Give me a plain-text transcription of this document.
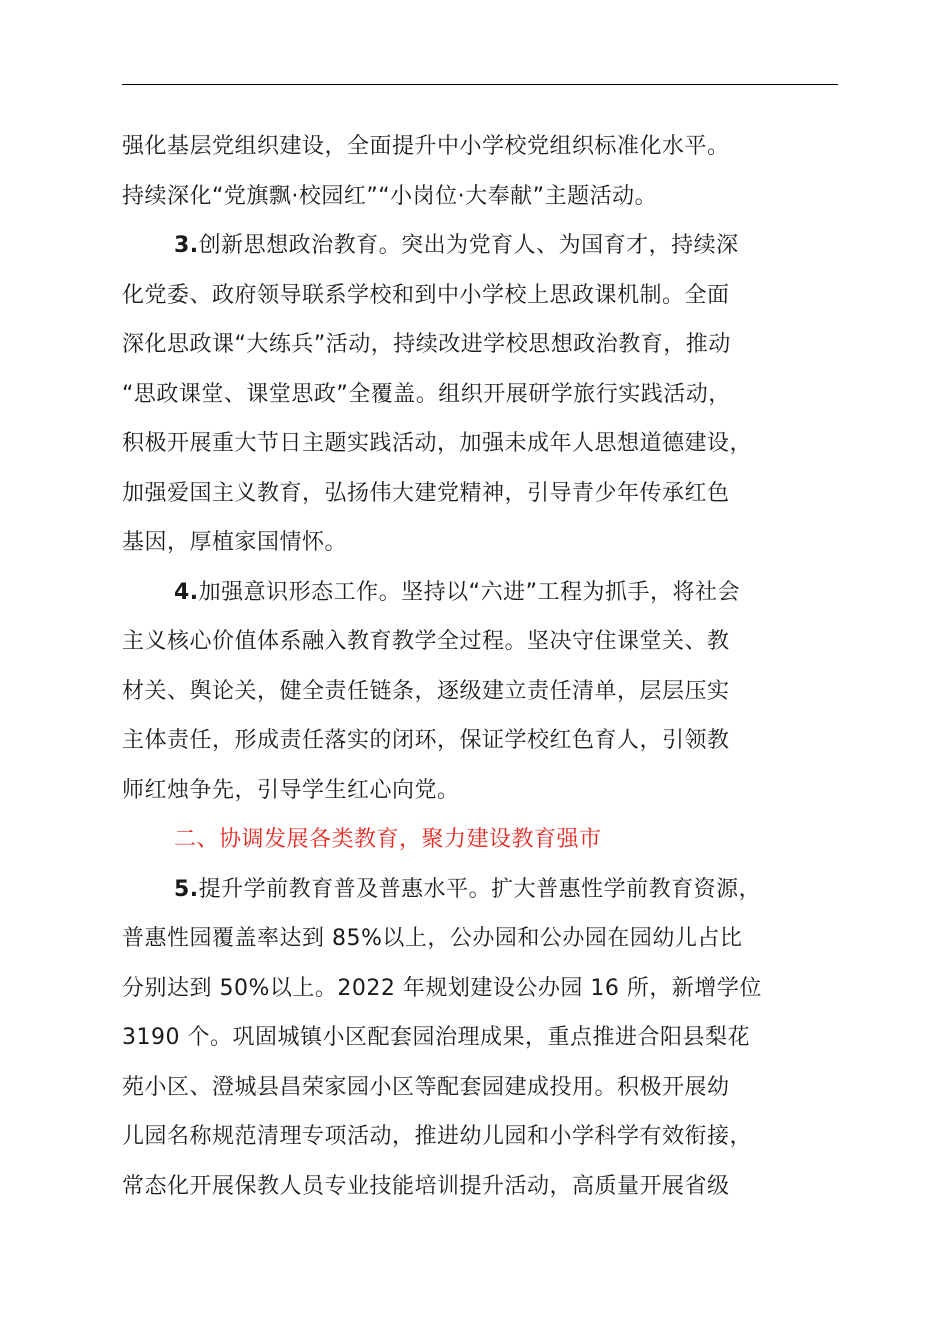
强化基层党组织建设，全面提升中小学校党组织标准化水平。
持续深化“党旗飘·校园红”“小岗位·大奉献”主题活动。
3.创新思想政治教育。突出为党育人、为国育才，持续深
化党委、政府领导联系学校和到中小学校上思政课机制。全面
深化思政课“大练兵”活动，持续改进学校思想政治教育，推动
“思政课堂、课堂思政”全覆盖。组织开展研学旅行实践活动，
积极开展重大节日主题实践活动，加强未成年人思想道德建设，
加强爱国主义教育，弘扬伟大建党精神，引导青少年传承红色
基因，厚植家国情怀。
4.加强意识形态工作。坚持以“六进”工程为抓手，将社会
主义核心价值体系融入教育教学全过程。坚决守住课堂关、教
材关、舆论关，健全责任链条，逐级建立责任清单，层层压实
主体责任，形成责任落实的闭环，保证学校红色育人，引领教
师红烛争先，引导学生红心向党。
二、协调发展各类教育，聚力建设教育强市
5.提升学前教育普及普惠水平。扩大普惠性学前教育资源，
普惠性园覆盖率达到 85%以上，公办园和公办园在园幼儿占比
分别达到 50%以上。2022 年规划建设公办园 16 所，新增学位
3190 个。巩固城镇小区配套园治理成果，重点推进合阳县梨花
苑小区、澄城县昌荣家园小区等配套园建成投用。积极开展幼
儿园名称规范清理专项活动，推进幼儿园和小学科学有效衔接，
常态化开展保教人员专业技能培训提升活动，高质量开展省级
